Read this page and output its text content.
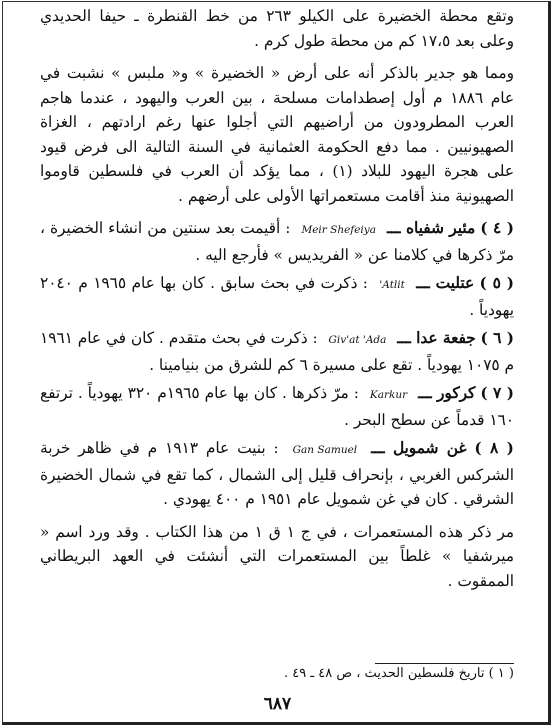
وتقع محطة الخضيرة على الكيلو ٢٦٣ من خط القنطرة ـ حيفا الحديدي وعلى بعد ١٧،٥ كم من محطة طول كرم .

ومما هو جدير بالذكر أنه على أرض « الخضيرة » و« ملبس » نشبت في عام ١٨٨٦ م أول إصطدامات مسلحة ، بين العرب واليهود ، عندما هاجم العرب المطرودون من أراضيهم التي أجلوا عنها رغم ارادتهم ، الغزاة الصهيونيين . مما دفع الحكومة العثمانية في السنة التالية الى فرض قيود على هجرة اليهود للبلاد (١) ، مما يؤكد أن العرب في فلسطين قاوموا الصهيونية منذ أقامت مستعمراتها الأولى على أرضهم .

( ٤ ) مئير شفياه ـــ Meir Shefeiya : أقيمت بعد سنتين من انشاء الخضيرة ، مرّ ذكرها في كلامنا عن « الفريديس » فأرجع اليه .

( ٥ ) عتليت ـــ 'Atlit : ذكرت في بحث سابق . كان بها عام ١٩٦٥ م ٢٠٤٠ يهودياً .

( ٦ ) جفعة عدا ـــ Giv'at 'Ada : ذكرت في بحث متقدم . كان في عام ١٩٦١ م ١٠٧٥ يهودياً . تقع على مسيرة ٦ كم للشرق من بنيامينا .

( ٧ ) كركور ـــ Karkur : مرّ ذكرها . كان بها عام ١٩٦٥م ٣٢٠ يهودياً . ترتفع ١٦٠ قدماً عن سطح البحر .

( ٨ ) غن شمويل ـــ Gan Samuel : بنيت عام ١٩١٣ م في ظاهر خربة الشركس الغربي ، بإنحراف قليل إلى الشمال ، كما تقع في شمال الخضيرة الشرقي . كان في غن شمويل عام ١٩٥١ م ٤٠٠ يهودي .

مر ذكر هذه المستعمرات ، في ج ١ ق ١ من هذا الكتاب . وقد ورد اسم « ميرشفيا » غلطاً بين المستعمرات التي أنشئت في العهد البريطاني الممقوت .

( ١ ) تاريخ فلسطين الحديث ، ص ٤٨ ـ ٤٩ .
٦٨٧
